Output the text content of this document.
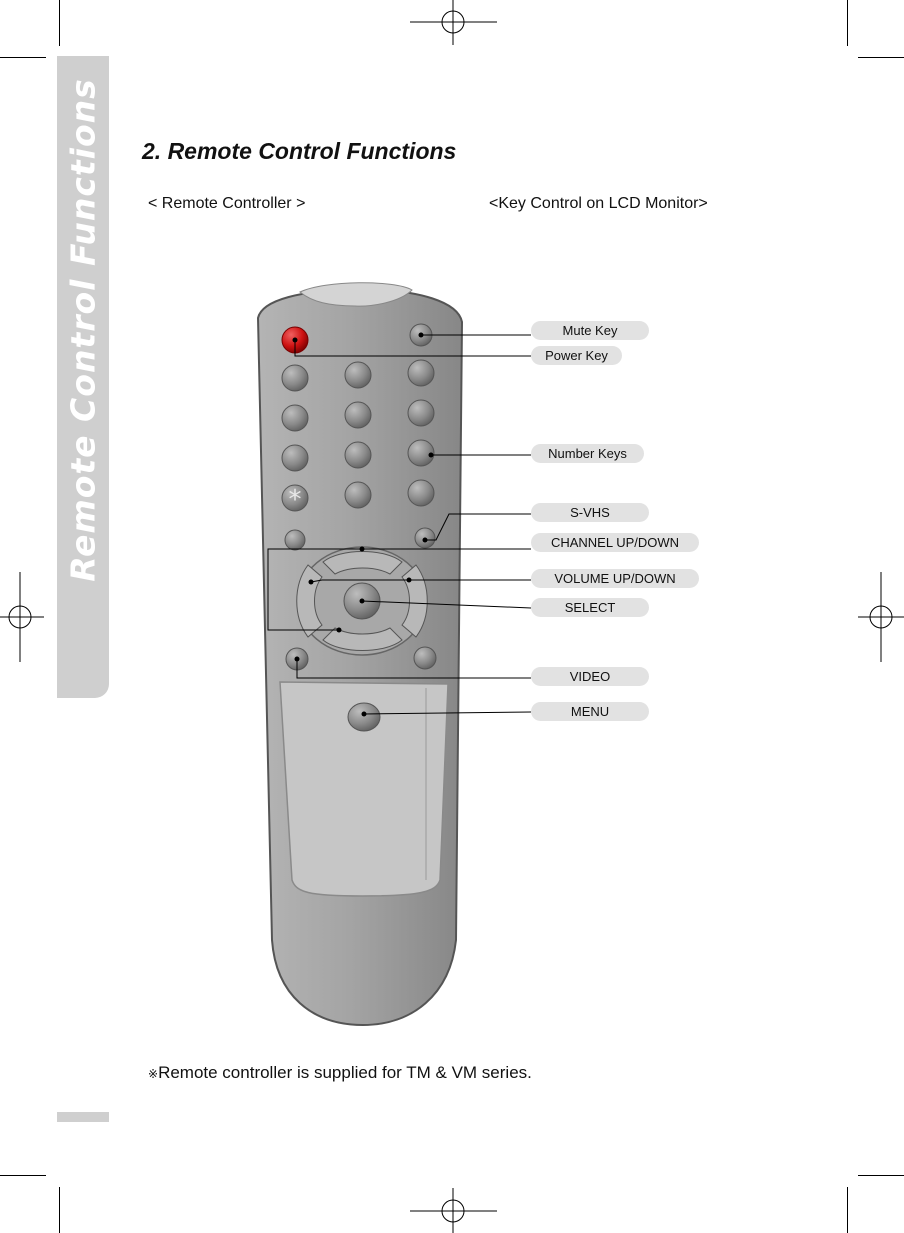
Remote Control Functions 2. Remote Control Functions
< Remote Controller >	<Key Control on LCD Monitor>
*
Mute Key
Power Key
Number Keys
S-VHS
CHANNEL UP/DOWN
VOLUME UP/DOWN
SELECT
VIDEO
MENU
※Remote controller is supplied for TM & VM series.
